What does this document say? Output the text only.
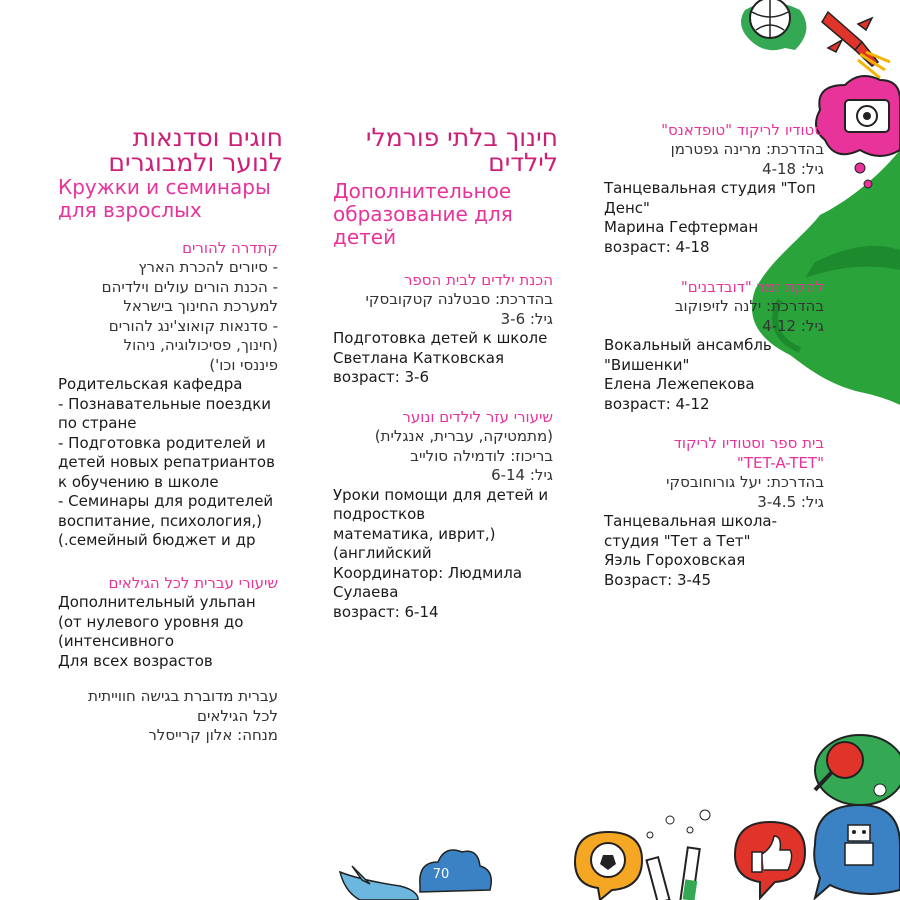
70
חוגים וסדנאות
לנוער ולמבוגרים
Кружки и семинары
для взрослых
קתדרה להורים
- סיורים להכרת הארץ
- הכנת הורים עולים וילדיהם
למערכת החינוך בישראל
- סדנאות קואוצ'ינג להורים
(חינוך, פסיכולוגיה, ניהול
פיננסי וכו')
Родительская кафедра
- Познавательные поездки
по стране
- Подготовка родителей и
детей новых репатриантов
к обучению в школе
- Семинары для родителей
воспитание, психология,)
(.семейный бюджет и др
שיעורי עברית לכל הגילאים
Дополнительный ульпан
(от нулевого уровня до
(интенсивного
Для всех возрастов
עברית מדוברת בגישה חווייתית
לכל הגילאים
מנחה: אלון קרייסלר
חינוך בלתי פורמלי
לילדים
Дополнительное
образование для
детей
הכנת ילדים לבית הספר
בהדרכת: סבטלנה קטקובסקי
גיל: 3-6
Подготовка детей к школе
Светлана Катковская
возраст: 3-6
שיעורי עזר לילדים ונוער
(מתמטיקה, עברית, אנגלית)
בריכוז: לודמילה סולייב
גיל: 6-14
Уроки помощи для детей и
подростков
математика, иврит,)
(английский
Координатор: Людмила
Сулаева
возраст: 6-14
סטודיו לריקוד "טופדאנס"
בהדרכת: מרינה גפטרמן
גיל: 4-18
Танцевальная студия "Топ
Денс"
Марина Гефтерман
возраст: 4-18
להקת זמר "דובדבנים"
בהדרכת: ילנה לזיפוקוב
גיל: 4-12
Вокальный ансамбль
"Вишенки"
Елена Лежепекова
возраст: 4-12
בית ספר וסטודיו לריקוד
"TET-A-TET"
בהדרכת: יעל גורוחובסקי
גיל: 3-4.5
Танцевальная школа-
студия "Тет а Тет"
Яэль Гороховская
Возраст: 3-45
